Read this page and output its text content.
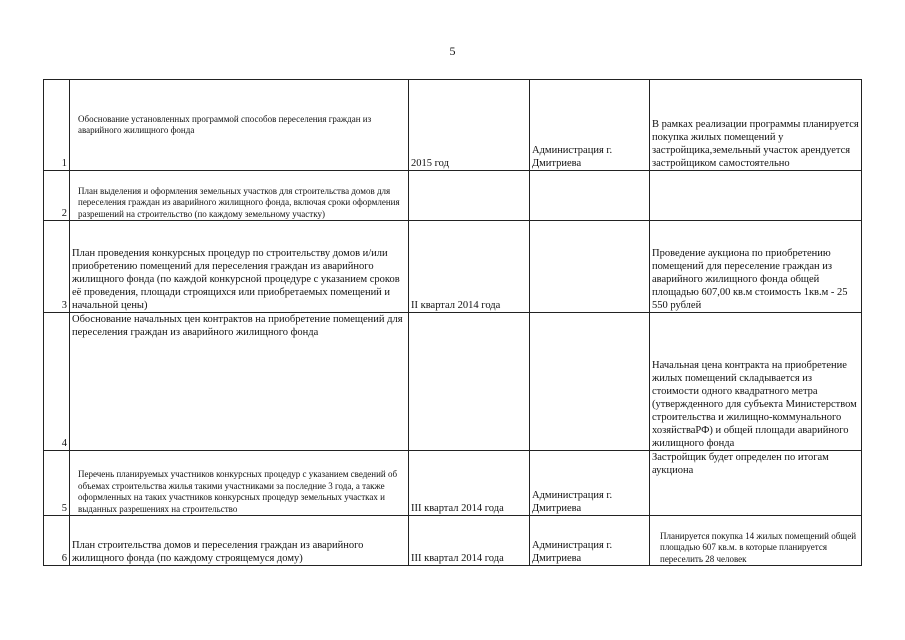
5
1	Обоснование установленных программой способов переселения граждан из аварийного жилищного фонда	2015 год	Администрация г. Дмитриева	В рамках реализации программы планируется покупка жилых помещений у застройщика,земельный участок арендуется застройщиком самостоятельно
2	План выделения и оформления земельных участков для строительства домов для переселения граждан из аварийного жилищного фонда, включая сроки оформления разрешений на строительство (по каждому земельному участку)			
3	План проведения конкурсных процедур по строительству домов и/или приобретению помещений для переселения граждан из аварийного жилищного фонда (по каждой конкурсной процедуре с указанием сроков её проведения, площади строящихся или приобретаемых помещений и начальной цены)	II квартал 2014 года		Проведение аукциона по приобретению помещений для переселение граждан из аварийного жилищного фонда общей площадью 607,00 кв.м стоимость 1кв.м - 25 550 рублей
4	Обоснование начальных цен контрактов на приобретение помещений для переселения граждан из аварийного жилищного фонда			Начальная цена контракта на приобретение жилых помещений складывается из стоимости одного квадратного метра (утвержденного для субъекта Министерством строительства и жилищно-коммунального хозяйстваРФ) и общей площади аварийного жилищного фонда
5	Перечень планируемых участников конкурсных процедур с указанием сведений об объемах строительства жилья такими участниками за последние 3 года, а также оформленных на таких участников конкурсных процедур земельных участках и выданных разрешениях на строительство	III квартал 2014 года	Администрация г. Дмитриева	Застройщик будет определен по итогам аукциона
6	План строительства домов и переселения граждан из аварийного жилищного фонда (по каждому строящемуся дому)	III квартал 2014 года	Администрация г. Дмитриева	Планируется покупка 14 жилых помещений общей площадью 607 кв.м. в которые планируется переселить 28 человек
